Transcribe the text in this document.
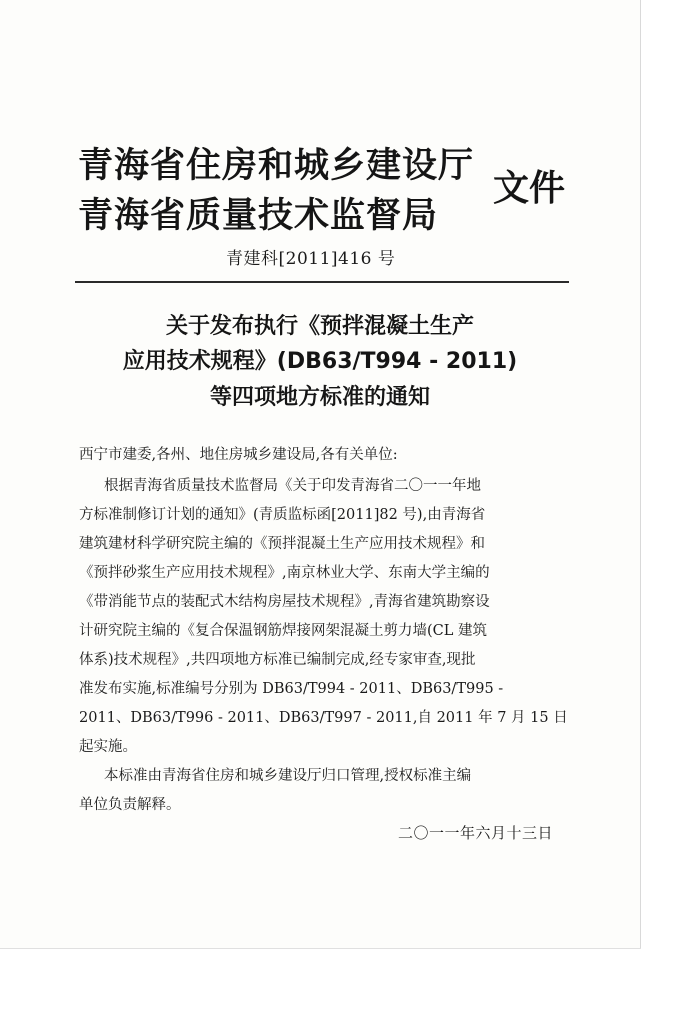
青海省住房和城乡建设厅
青海省质量技术监督局
文件
青建科[2011]416 号
关于发布执行《预拌混凝土生产
应用技术规程》(DB63/T994 - 2011)
等四项地方标准的通知
西宁市建委,各州、地住房城乡建设局,各有关单位:
根据青海省质量技术监督局《关于印发青海省二〇一一年地
方标准制修订计划的通知》(青质监标函[2011]82 号),由青海省
建筑建材科学研究院主编的《预拌混凝土生产应用技术规程》和
《预拌砂浆生产应用技术规程》,南京林业大学、东南大学主编的
《带消能节点的装配式木结构房屋技术规程》,青海省建筑勘察设
计研究院主编的《复合保温钢筋焊接网架混凝土剪力墙(CL 建筑
体系)技术规程》,共四项地方标准已编制完成,经专家审查,现批
准发布实施,标准编号分别为 DB63/T994 - 2011、DB63/T995 -
2011、DB63/T996 - 2011、DB63/T997 - 2011,自 2011 年 7 月 15 日
起实施。
本标准由青海省住房和城乡建设厅归口管理,授权标准主编
单位负责解释。
二〇一一年六月十三日
